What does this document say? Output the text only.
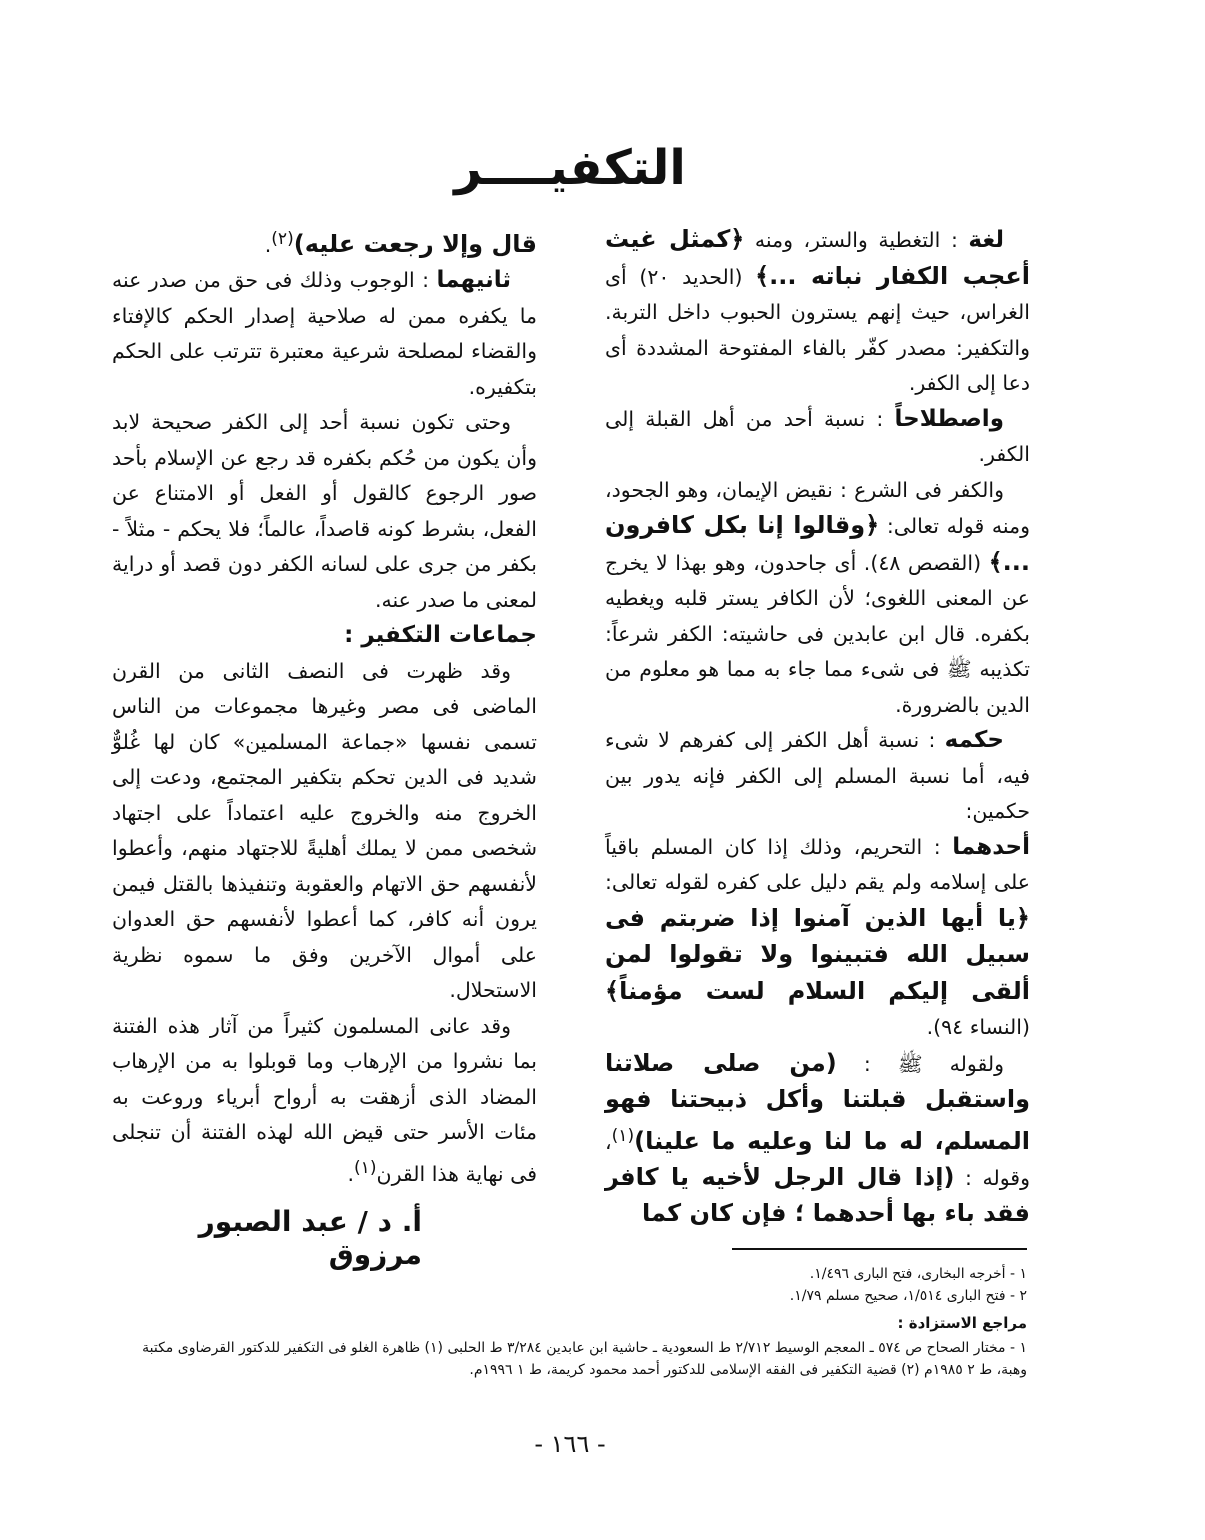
التكفيــــر

لغة : التغطية والستر، ومنه ﴿كمثل غيث أعجب الكفار نباته ...﴾ (الحديد ٢٠) أى الغراس، حيث إنهم يسترون الحبوب داخل التربة. والتكفير: مصدر كفّر بالفاء المفتوحة المشددة أى دعا إلى الكفر.

واصطلاحاً : نسبة أحد من أهل القبلة إلى الكفر.

والكفر فى الشرع : نقيض الإيمان، وهو الجحود، ومنه قوله تعالى: ﴿وقالوا إنا بكل كافرون ...﴾ (القصص ٤٨). أى جاحدون، وهو بهذا لا يخرج عن المعنى اللغوى؛ لأن الكافر يستر قلبه ويغطيه بكفره. قال ابن عابدين فى حاشيته: الكفر شرعاً: تكذيبه ﷺ فى شىء مما جاء به مما هو معلوم من الدين بالضرورة.

حكمه : نسبة أهل الكفر إلى كفرهم لا شىء فيه، أما نسبة المسلم إلى الكفر فإنه يدور بين حكمين:

أحدهما : التحريم، وذلك إذا كان المسلم باقياً على إسلامه ولم يقم دليل على كفره لقوله تعالى: ﴿يا أيها الذين آمنوا إذا ضربتم فى سبيل الله فتبينوا ولا تقولوا لمن ألقى إليكم السلام لست مؤمناً﴾ (النساء ٩٤).

ولقوله ﷺ : (من صلى صلاتنا واستقبل قبلتنا وأكل ذبيحتنا فهو المسلم، له ما لنا وعليه ما علينا)$^{(١)}$، وقوله : (إذا قال الرجل لأخيه يا كافر فقد باء بها أحدهما ؛ فإن كان كما

قال وإلا رجعت عليه)$^{(٢)}$.

ثانيهما : الوجوب وذلك فى حق من صدر عنه ما يكفره ممن له صلاحية إصدار الحكم كالإفتاء والقضاء لمصلحة شرعية معتبرة تترتب على الحكم بتكفيره.

وحتى تكون نسبة أحد إلى الكفر صحيحة لابد وأن يكون من حُكم بكفره قد رجع عن الإسلام بأحد صور الرجوع كالقول أو الفعل أو الامتناع عن الفعل، بشرط كونه قاصداً، عالماً؛ فلا يحكم - مثلاً - بكفر من جرى على لسانه الكفر دون قصد أو دراية لمعنى ما صدر عنه.

جماعات التكفير :

وقد ظهرت فى النصف الثانى من القرن الماضى فى مصر وغيرها مجموعات من الناس تسمى نفسها «جماعة المسلمين» كان لها غُلوٌّ شديد فى الدين تحكم بتكفير المجتمع، ودعت إلى الخروج منه والخروج عليه اعتماداً على اجتهاد شخصى ممن لا يملك أهليةً للاجتهاد منهم، وأعطوا لأنفسهم حق الاتهام والعقوبة وتنفيذها بالقتل فيمن يرون أنه كافر، كما أعطوا لأنفسهم حق العدوان على أموال الآخرين وفق ما سموه نظرية الاستحلال.

وقد عانى المسلمون كثيراً من آثار هذه الفتنة بما نشروا من الإرهاب وما قوبلوا به من الإرهاب المضاد الذى أزهقت به أرواح أبرياء وروعت به مئات الأسر حتى قيض الله لهذه الفتنة أن تنجلى فى نهاية هذا القرن$^{(١)}$.

أ. د / عبد الصبور مرزوق
١ - أخرجه البخارى، فتح البارى ١/٤٩٦.
٢ - فتح البارى ١/٥١٤، صحيح مسلم ١/٧٩.
مراجع الاستزادة :
١ - مختار الصحاح ص ٥٧٤ ـ المعجم الوسيط ٢/٧١٢ ط السعودية ـ حاشية ابن عابدين ٣/٢٨٤ ط الحلبى (١) ظاهرة الغلو فى التكفير للدكتور القرضاوى مكتبة وهبة، ط ٢ ١٩٨٥م (٢) قضية التكفير فى الفقه الإسلامى للدكتور أحمد محمود كريمة، ط ١ ١٩٩٦م.
- ١٦٦ -
